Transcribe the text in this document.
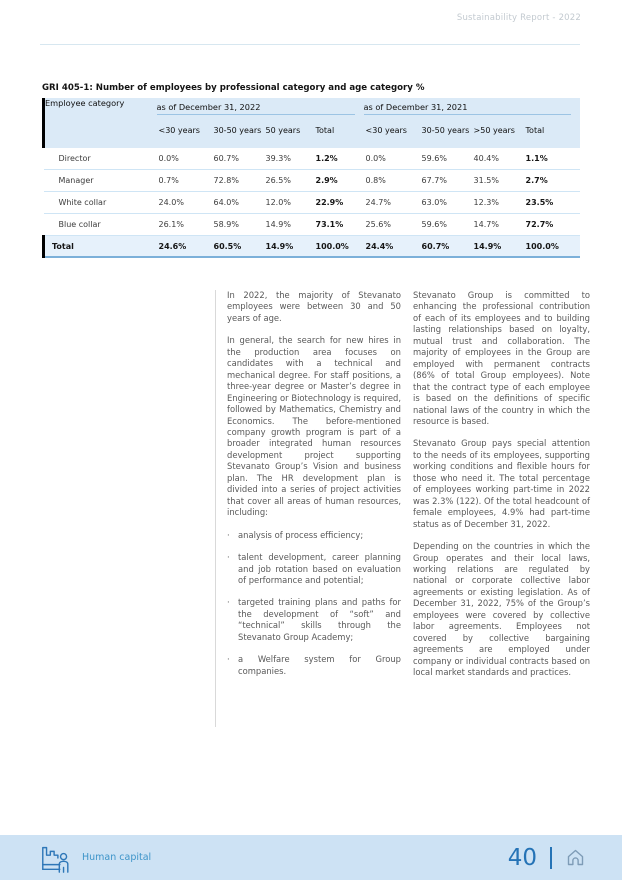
Sustainability Report - 2022

GRI 405-1: Number of employees by professional category and age category %

Employee category	as of December 31, 2022				as of December 31, 2021			
	<30 years	30-50 years	50 years	Total	<30 years	30-50 years	>50 years	Total
Director	0.0%	60.7%	39.3%	1.2%	0.0%	59.6%	40.4%	1.1%
Manager	0.7%	72.8%	26.5%	2.9%	0.8%	67.7%	31.5%	2.7%
White collar	24.0%	64.0%	12.0%	22.9%	24.7%	63.0%	12.3%	23.5%
Blue collar	26.1%	58.9%	14.9%	73.1%	25.6%	59.6%	14.7%	72.7%
Total	24.6%	60.5%	14.9%	100.0%	24.4%	60.7%	14.9%	100.0%

In 2022, the majority of Stevanato employees were between 30 and 50 years of age.

In general, the search for new hires in the production area focuses on candidates with a technical and mechanical degree. For staff positions, a three-year degree or Master’s degree in Engineering or Biotechnology is required, followed by Mathematics, Chemistry and Economics. The before-mentioned company growth program is part of a broader integrated human resources development project supporting Stevanato Group’s Vision and business plan. The HR development plan is divided into a series of project activities that cover all areas of human resources, including:

· analysis of process efficiency;
· talent development, career planning and job rotation based on evaluation of performance and potential;
· targeted training plans and paths for the development of “soft” and “technical” skills through the Stevanato Group Academy;
· a Welfare system for Group companies.

Stevanato Group is committed to enhancing the professional contribution of each of its employees and to building lasting relationships based on loyalty, mutual trust and collaboration. The majority of employees in the Group are employed with permanent contracts (86% of total Group employees). Note that the contract type of each employee is based on the definitions of specific national laws of the country in which the resource is based.

Stevanato Group pays special attention to the needs of its employees, supporting working conditions and flexible hours for those who need it. The total percentage of employees working part-time in 2022 was 2.3% (122). Of the total headcount of female employees, 4.9% had part-time status as of December 31, 2022.

Depending on the countries in which the Group operates and their local laws, working relations are regulated by national or corporate collective labor agreements or existing legislation. As of December 31, 2022, 75% of the Group’s employees were covered by collective labor agreements. Employees not covered by collective bargaining agreements are employed under company or individual contracts based on local market standards and practices.

Human capital	40
